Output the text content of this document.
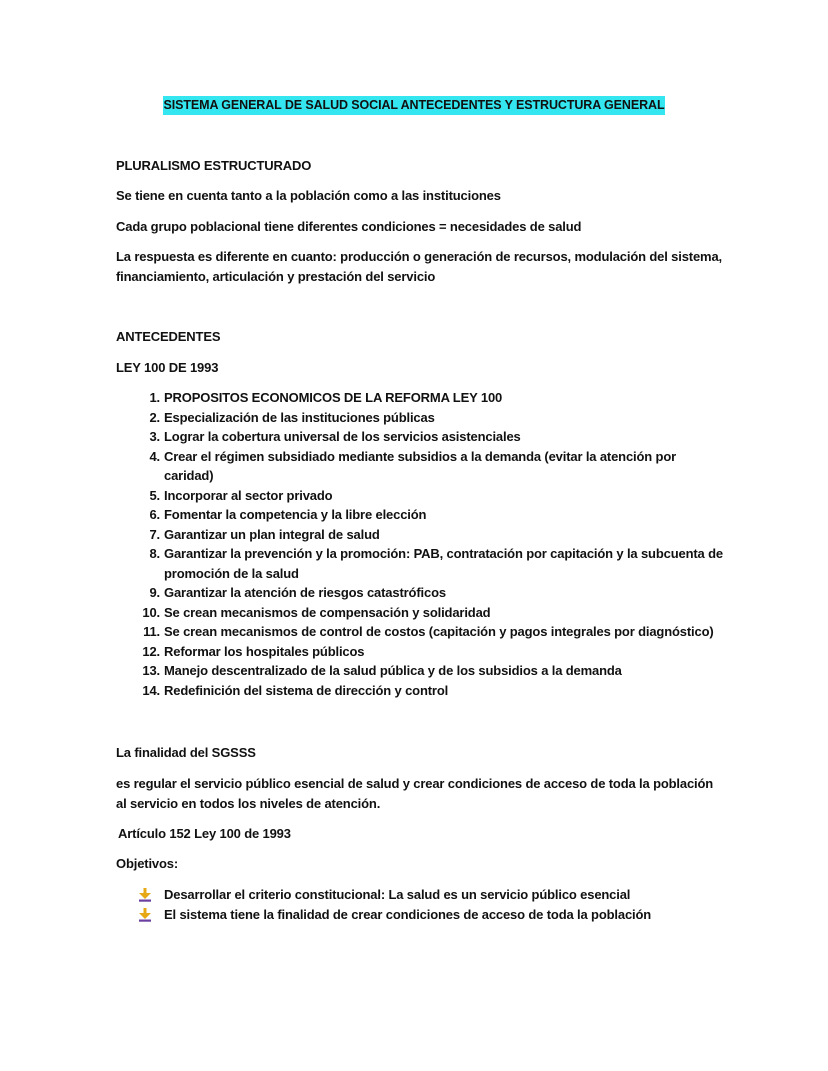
SISTEMA GENERAL DE SALUD SOCIAL ANTECEDENTES Y ESTRUCTURA GENERAL
PLURALISMO ESTRUCTURADO
Se tiene en cuenta tanto a la población como a las instituciones
Cada grupo poblacional tiene diferentes condiciones = necesidades de salud
La respuesta es diferente en cuanto: producción o generación de recursos, modulación del sistema, financiamiento, articulación y prestación del servicio
ANTECEDENTES
LEY 100 DE 1993
1. PROPOSITOS ECONOMICOS DE LA REFORMA LEY 100
2. Especialización de las instituciones públicas
3. Lograr la cobertura universal de los servicios asistenciales
4. Crear el régimen subsidiado mediante subsidios a la demanda (evitar la atención por caridad)
5. Incorporar al sector privado
6. Fomentar la competencia y la libre elección
7. Garantizar un plan integral de salud
8. Garantizar la prevención y la promoción: PAB, contratación por capitación y la subcuenta de promoción de la salud
9. Garantizar la atención de riesgos catastróficos
10. Se crean mecanismos de compensación y solidaridad
11. Se crean mecanismos de control de costos (capitación y pagos integrales por diagnóstico)
12. Reformar los hospitales públicos
13. Manejo descentralizado de la salud pública y de los subsidios a la demanda
14. Redefinición del sistema de dirección y control
La finalidad del SGSSS
es regular el servicio público esencial de salud y crear condiciones de acceso de toda la población al servicio en todos los niveles de atención.
Artículo 152 Ley 100 de 1993
Objetivos:
Desarrollar el criterio constitucional: La salud es un servicio público esencial
El sistema tiene la finalidad de crear condiciones de acceso de toda la población
